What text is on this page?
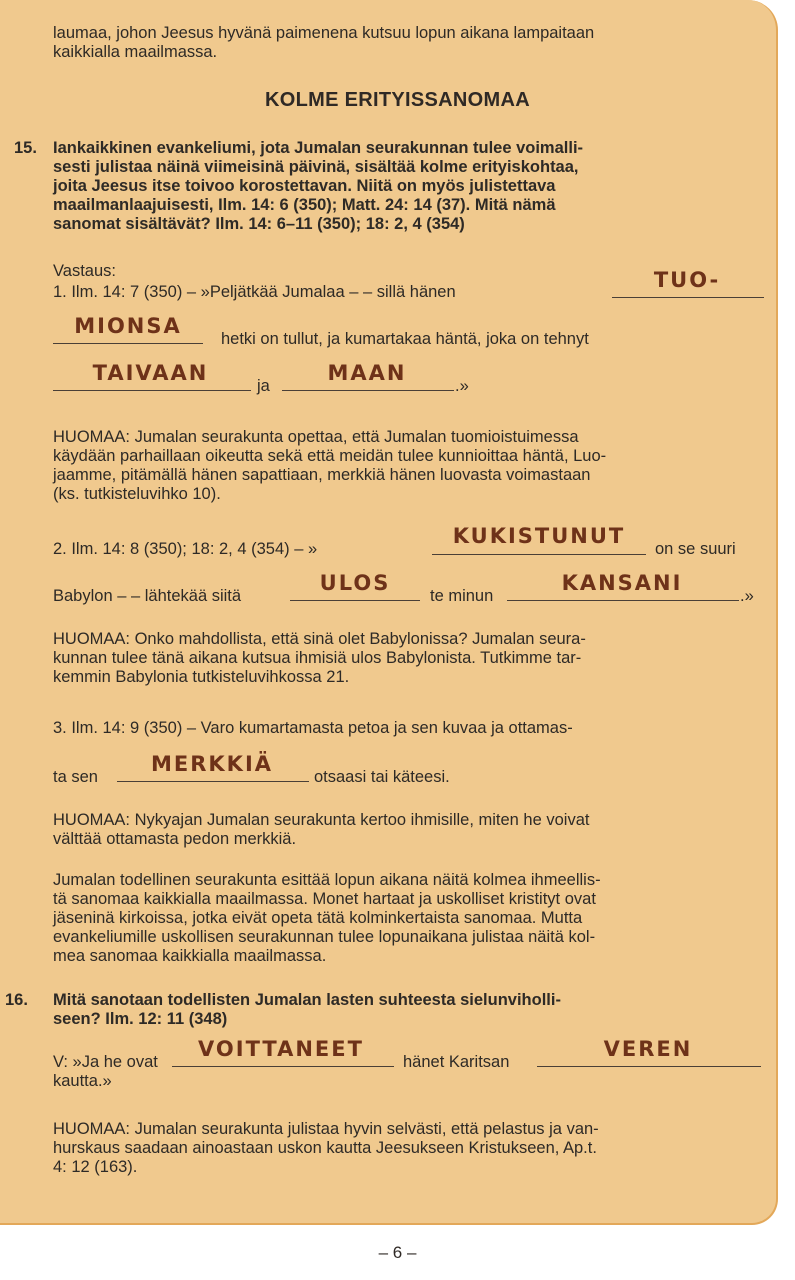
laumaa, johon Jeesus hyvänä paimenena kutsuu lopun aikana lampaitaan

kaikkialla maailmassa.

KOLME ERITYISSANOMAA
15. Iankaikkinen evankeliumi, jota Jumalan seurakunnan tulee voimalli-

sesti julistaa näinä viimeisinä päivinä, sisältää kolme erityiskohtaa,

joita Jeesus itse toivoo korostettavan. Niitä on myös julistettava

maailmanlaajuisesti, Ilm. 14: 6 (350); Matt. 24: 14 (37). Mitä nämä

sanomat sisältävät? Ilm. 14: 6–11 (350); 18: 2, 4 (354)

Vastaus:

1. Ilm. 14: 7 (350) – »Peljätkää Jumalaa – – sillä hänen	TUO-
MIONSA

hetki on tullut, ja kumartakaa häntä, joka on tehnyt

TAIVAAN
ja
MAAN
.»

HUOMAA: Jumalan seurakunta opettaa, että Jumalan tuomioistuimessa

käydään parhaillaan oikeutta sekä että meidän tulee kunnioittaa häntä, Luo-

jaamme, pitämällä hänen sapattiaan, merkkiä hänen luovasta voimastaan

(ks. tutkisteluvihko 10).

2. Ilm. 14: 8 (350); 18: 2, 4 (354) – »

KUKISTUNUT
on se suuri

Babylon – – lähtekää siitä

ULOS
te minun
KANSANI
.»

HUOMAA: Onko mahdollista, että sinä olet Babylonissa? Jumalan seura-

kunnan tulee tänä aikana kutsua ihmisiä ulos Babylonista. Tutkimme tar-

kemmin Babylonia tutkisteluvihkossa 21.

3. Ilm. 14: 9 (350) – Varo kumartamasta petoa ja sen kuvaa ja ottamas-

ta sen
MERKKIÄ
otsaasi tai käteesi.

HUOMAA: Nykyajan Jumalan seurakunta kertoo ihmisille, miten he voivat

välttää ottamasta pedon merkkiä.

Jumalan todellinen seurakunta esittää lopun aikana näitä kolmea ihmeellis-

tä sanomaa kaikkialla maailmassa. Monet hartaat ja uskolliset kristityt ovat

jäseninä kirkoissa, jotka eivät opeta tätä kolminkertaista sanomaa. Mutta

evankeliumille uskollisen seurakunnan tulee lopunaikana julistaa näitä kol-

mea sanomaa kaikkialla maailmassa.

16. Mitä sanotaan todellisten Jumalan lasten suhteesta sielunviholli-

seen? Ilm. 12: 11 (348)

V: »Ja he ovat
VOITTANEET
hänet Karitsan
VEREN

kautta.»

HUOMAA: Jumalan seurakunta julistaa hyvin selvästi, että pelastus ja van-

hurskaus saadaan ainoastaan uskon kautta Jeesukseen Kristukseen, Ap.t.

4: 12 (163).

– 6 –
